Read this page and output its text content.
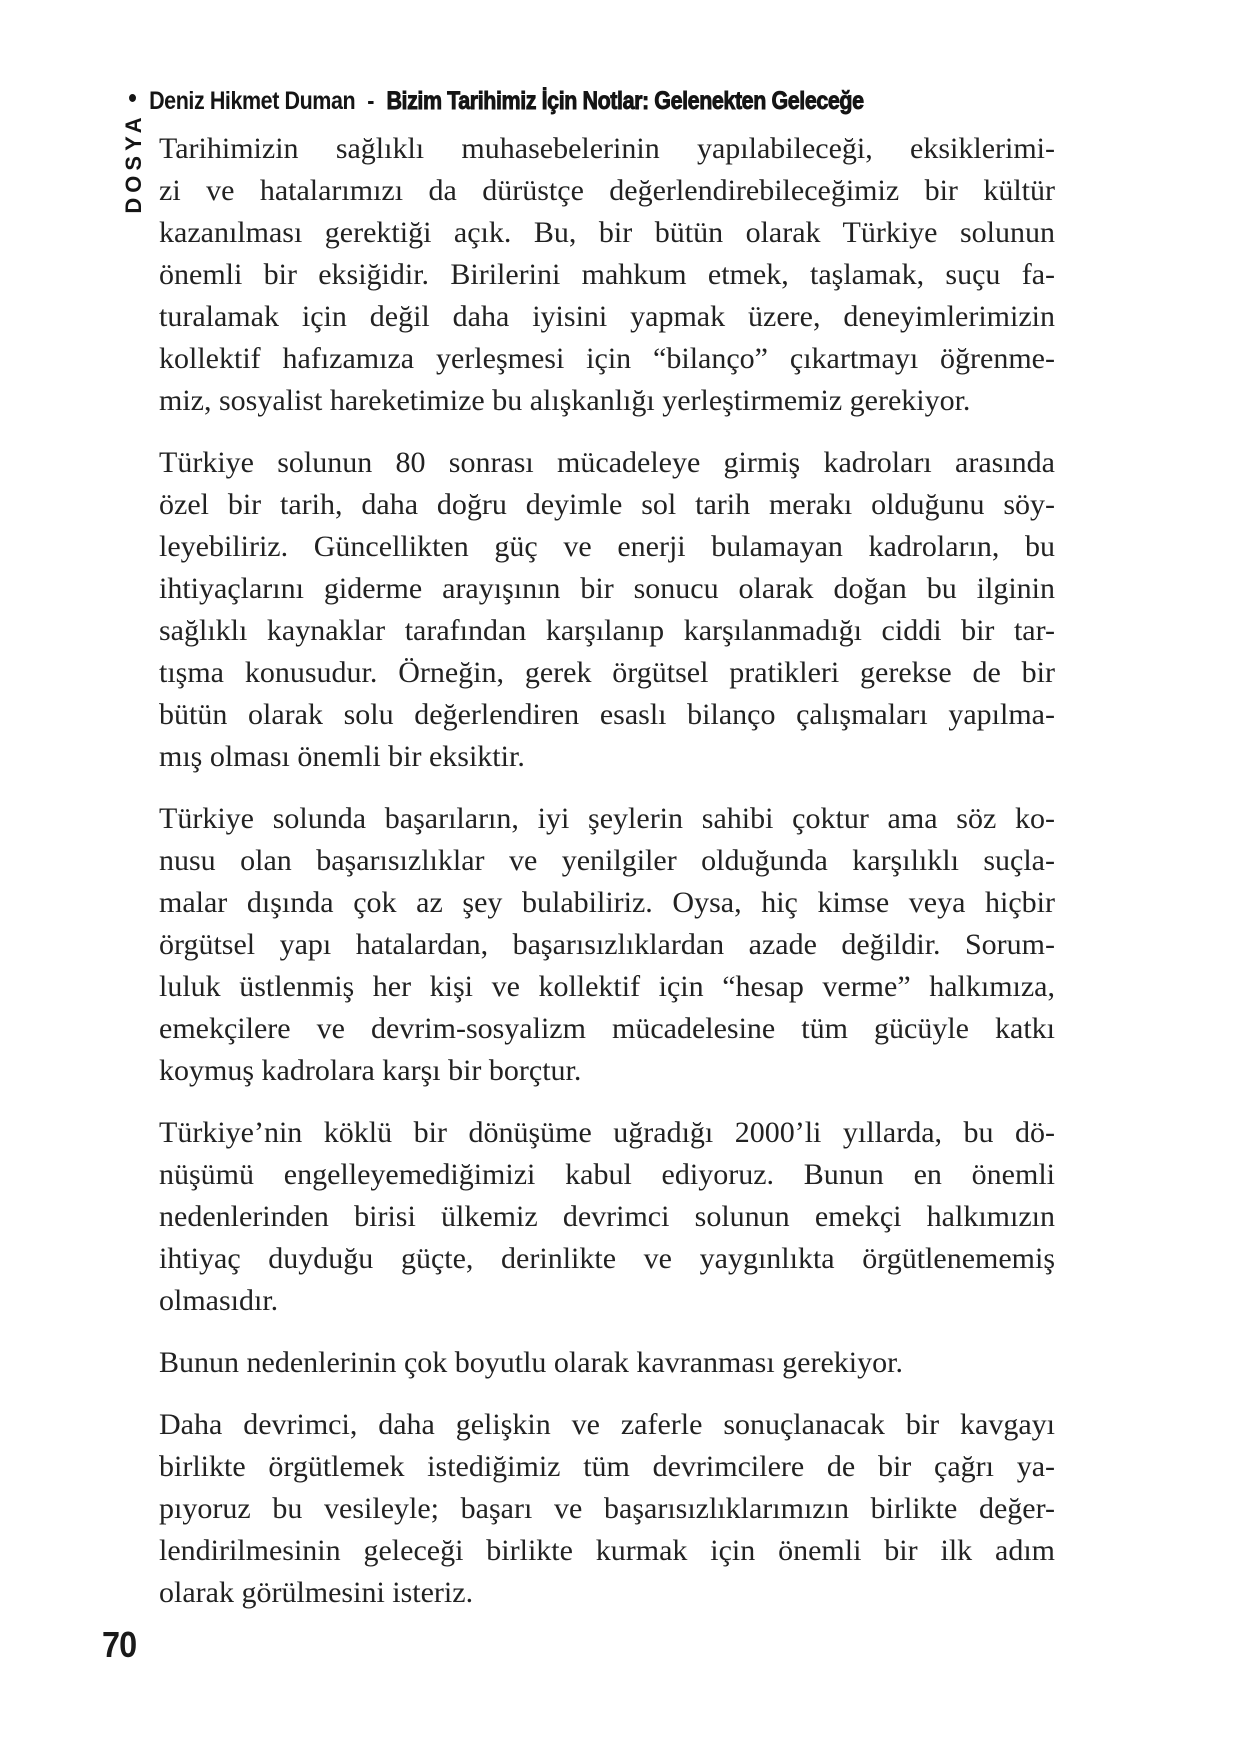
• Deniz Hikmet Duman - Bizim Tarihimiz İçin Notlar: Gelenekten Geleceğe
DOSYA Tarihimizin sağlıklı muhasebelerinin yapılabileceği, eksiklerimi-
zi ve hatalarımızı da dürüstçe değerlendirebileceğimiz bir kültür
kazanılması gerektiği açık. Bu, bir bütün olarak Türkiye solunun
önemli bir eksiğidir. Birilerini mahkum etmek, taşlamak, suçu fa-
turalamak için değil daha iyisini yapmak üzere, deneyimlerimizin
kollektif hafızamıza yerleşmesi için “bilanço” çıkartmayı öğrenme-
miz, sosyalist hareketimize bu alışkanlığı yerleştirmemiz gerekiyor.
Türkiye solunun 80 sonrası mücadeleye girmiş kadroları arasında
özel bir tarih, daha doğru deyimle sol tarih merakı olduğunu söy-
leyebiliriz. Güncellikten güç ve enerji bulamayan kadroların, bu
ihtiyaçlarını giderme arayışının bir sonucu olarak doğan bu ilginin
sağlıklı kaynaklar tarafından karşılanıp karşılanmadığı ciddi bir tar-
tışma konusudur. Örneğin, gerek örgütsel pratikleri gerekse de bir
bütün olarak solu değerlendiren esaslı bilanço çalışmaları yapılma-
mış olması önemli bir eksiktir.
Türkiye solunda başarıların, iyi şeylerin sahibi çoktur ama söz ko-
nusu olan başarısızlıklar ve yenilgiler olduğunda karşılıklı suçla-
malar dışında çok az şey bulabiliriz. Oysa, hiç kimse veya hiçbir
örgütsel yapı hatalardan, başarısızlıklardan azade değildir. Sorum-
luluk üstlenmiş her kişi ve kollektif için “hesap verme” halkımıza,
emekçilere ve devrim-sosyalizm mücadelesine tüm gücüyle katkı
koymuş kadrolara karşı bir borçtur.
Türkiye’nin köklü bir dönüşüme uğradığı 2000’li yıllarda, bu dö-
nüşümü engelleyemediğimizi kabul ediyoruz. Bunun en önemli
nedenlerinden birisi ülkemiz devrimci solunun emekçi halkımızın
ihtiyaç duyduğu güçte, derinlikte ve yaygınlıkta örgütlenememiş
olmasıdır.
Bunun nedenlerinin çok boyutlu olarak kavranması gerekiyor.
Daha devrimci, daha gelişkin ve zaferle sonuçlanacak bir kavgayı
birlikte örgütlemek istediğimiz tüm devrimcilere de bir çağrı ya-
pıyoruz bu vesileyle; başarı ve başarısızlıklarımızın birlikte değer-
lendirilmesinin geleceği birlikte kurmak için önemli bir ilk adım
olarak görülmesini isteriz.
70
